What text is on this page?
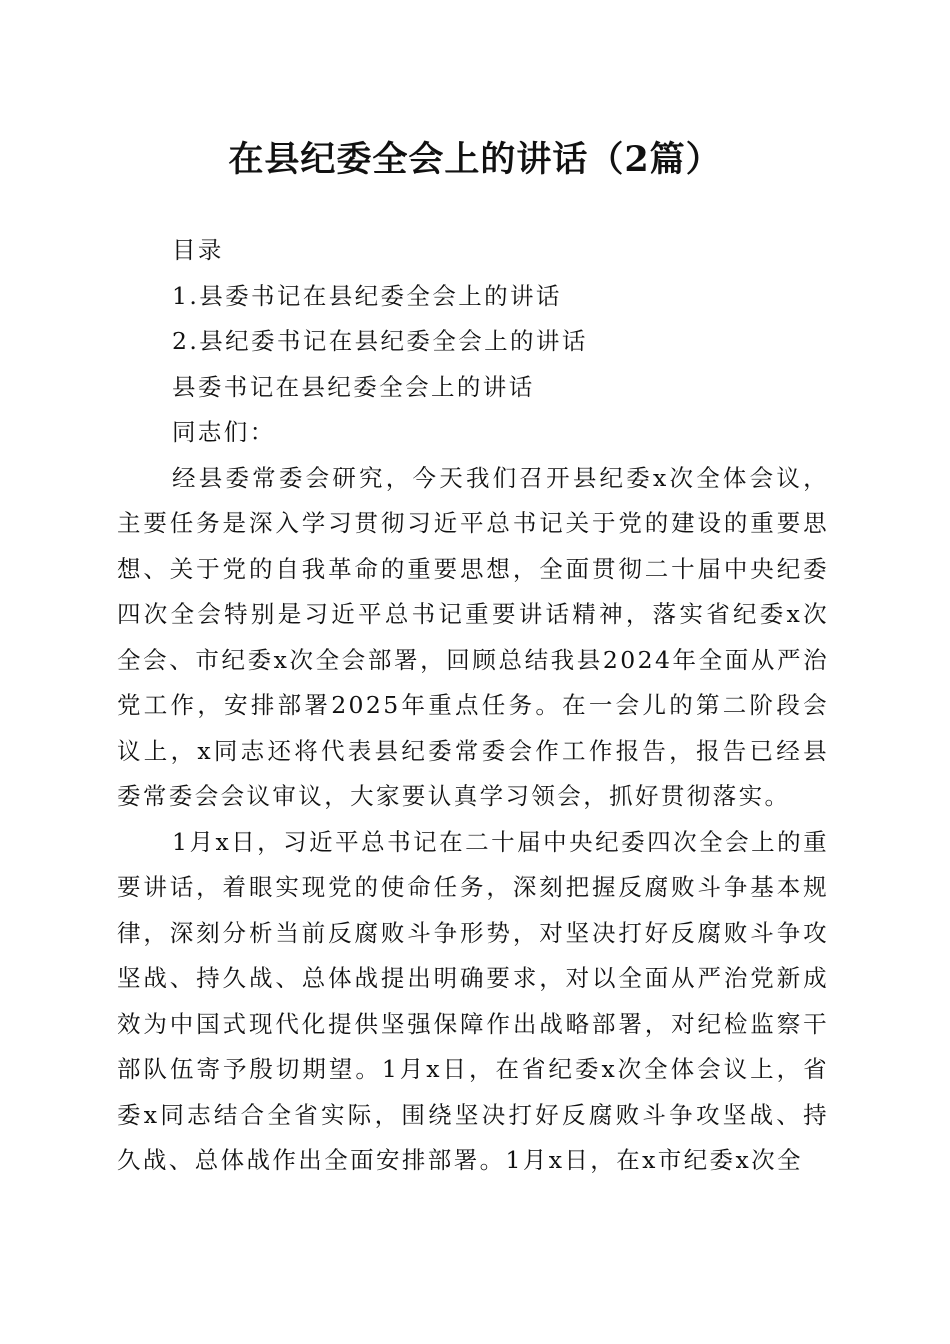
在县纪委全会上的讲话（2篇）
目录
1.县委书记在县纪委全会上的讲话
2.县纪委书记在县纪委全会上的讲话
县委书记在县纪委全会上的讲话
同志们：

经县委常委会研究，今天我们召开县纪委x次全体会议，主要任务是深入学习贯彻习近平总书记关于党的建设的重要思想、关于党的自我革命的重要思想，全面贯彻二十届中央纪委四次全会特别是习近平总书记重要讲话精神，落实省纪委x次全会、市纪委x次全会部署，回顾总结我县2024年全面从严治党工作，安排部署2025年重点任务。在一会儿的第二阶段会议上，x同志还将代表县纪委常委会作工作报告，报告已经县委常委会会议审议，大家要认真学习领会，抓好贯彻落实。

1月x日，习近平总书记在二十届中央纪委四次全会上的重要讲话，着眼实现党的使命任务，深刻把握反腐败斗争基本规律，深刻分析当前反腐败斗争形势，对坚决打好反腐败斗争攻坚战、持久战、总体战提出明确要求，对以全面从严治党新成效为中国式现代化提供坚强保障作出战略部署，对纪检监察干部队伍寄予殷切期望。1月x日，在省纪委x次全体会议上，省委x同志结合全省实际，围绕坚决打好反腐败斗争攻坚战、持久战、总体战作出全面安排部署。1月x日，在x市纪委x次全
